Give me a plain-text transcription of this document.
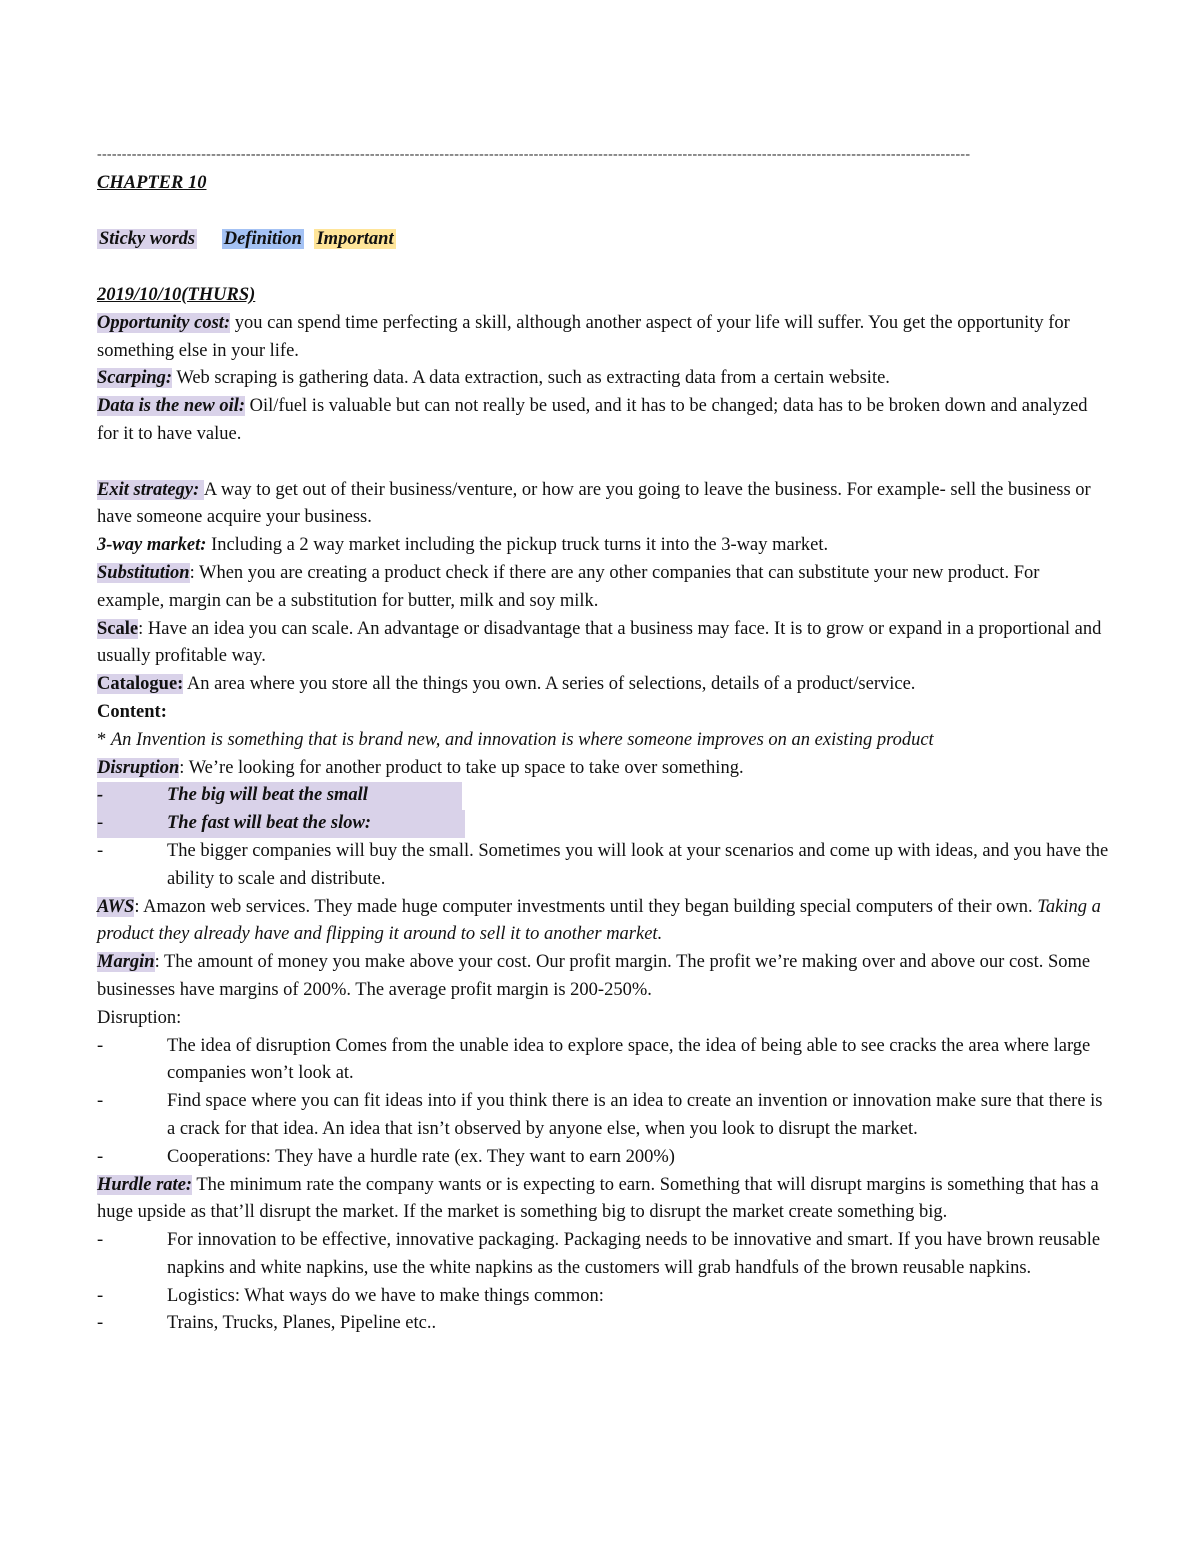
--------------------------------------------------------------------------------------------------------------------------------------------------------------------------------
CHAPTER 10
Sticky words Definition Important
2019/10/10(THURS)

Opportunity cost: you can spend time perfecting a skill, although another aspect of your life will suffer. You get the opportunity for something else in your life.

Scarping: Web scraping is gathering data. A data extraction, such as extracting data from a certain website.

Data is the new oil: Oil/fuel is valuable but can not really be used, and it has to be changed; data has to be broken down and analyzed for it to have value.

Exit strategy: A way to get out of their business/venture, or how are you going to leave the business. For example- sell the business or have someone acquire your business.

3-way market: Including a 2 way market including the pickup truck turns it into the 3-way market.

Substitution: When you are creating a product check if there are any other companies that can substitute your new product. For example, margin can be a substitution for butter, milk and soy milk.

Scale: Have an idea you can scale. An advantage or disadvantage that a business may face. It is to grow or expand in a proportional and usually profitable way.

Catalogue: An area where you store all the things you own. A series of selections, details of a product/service.

Content:

* An Invention is something that is brand new, and innovation is where someone improves on an existing product

Disruption: We’re looking for another product to take up space to take over something.

-	The big will beat the small

-	The fast will beat the slow:

-	The bigger companies will buy the small. Sometimes you will look at your scenarios and come up with ideas, and you have the ability to scale and distribute.

AWS: Amazon web services. They made huge computer investments until they began building special computers of their own. Taking a product they already have and flipping it around to sell it to another market.

Margin: The amount of money you make above your cost. Our profit margin. The profit we’re making over and above our cost. Some businesses have margins of 200%. The average profit margin is 200-250%.

Disruption:

-	The idea of disruption Comes from the unable idea to explore space, the idea of being able to see cracks the area where large companies won’t look at.

-	Find space where you can fit ideas into if you think there is an idea to create an invention or innovation make sure that there is a crack for that idea. An idea that isn’t observed by anyone else, when you look to disrupt the market.

-	Cooperations: They have a hurdle rate (ex. They want to earn 200%)

Hurdle rate: The minimum rate the company wants or is expecting to earn. Something that will disrupt margins is something that has a huge upside as that’ll disrupt the market. If the market is something big to disrupt the market create something big.

-	For innovation to be effective, innovative packaging. Packaging needs to be innovative and smart. If you have brown reusable napkins and white napkins, use the white napkins as the customers will grab handfuls of the brown reusable napkins.

-	Logistics: What ways do we have to make things common:

-	Trains, Trucks, Planes, Pipeline etc..
